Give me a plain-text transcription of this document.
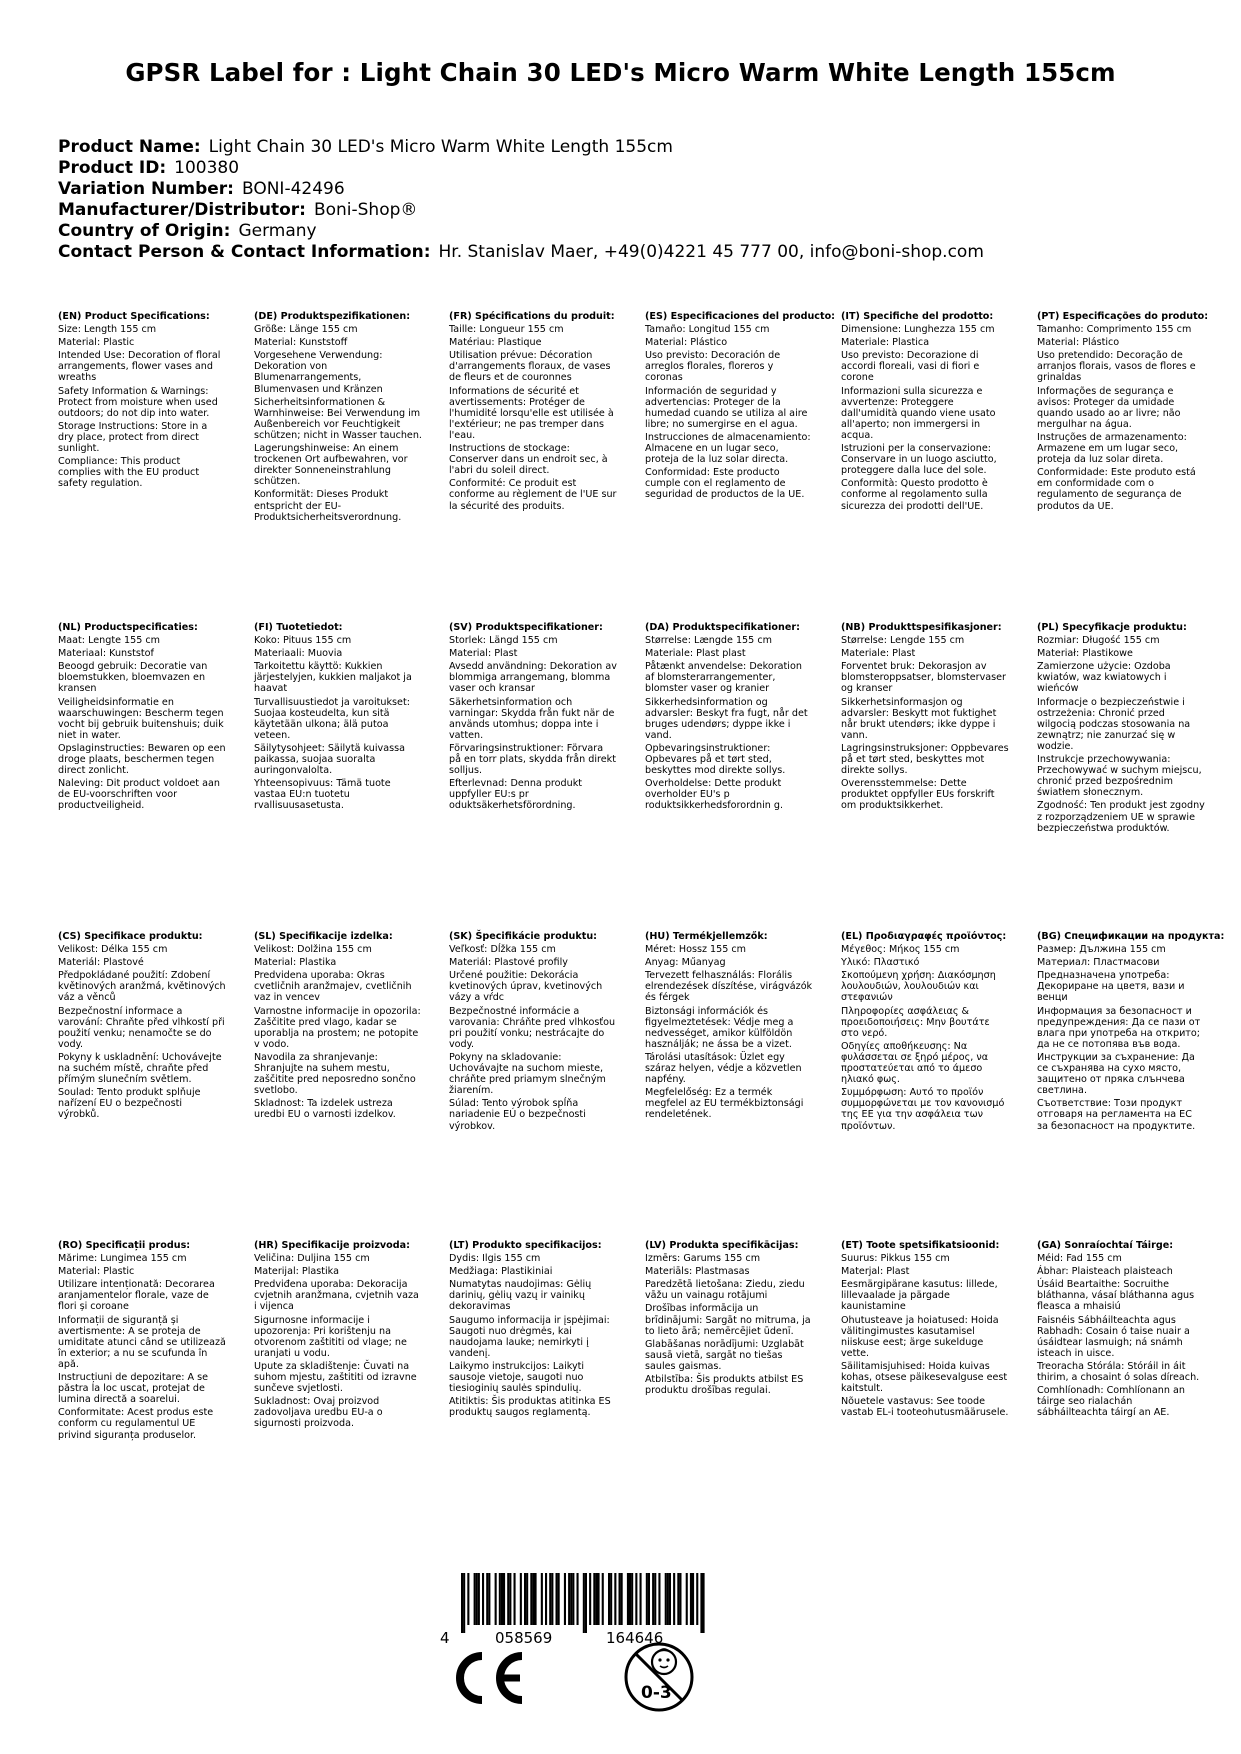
GPSR Label for : Light Chain 30 LED's Micro Warm White Length 155cm
Product Name: Light Chain 30 LED's Micro Warm White Length 155cm
Product ID: 100380
Variation Number: BONI-42496
Manufacturer/Distributor: Boni-Shop®
Country of Origin: Germany
Contact Person & Contact Information: Hr. Stanislav Maer, +49(0)4221 45 777 00, info@boni-shop.com
(EN) Product Specifications:
Size: Length 155 cm
Material: Plastic
Intended Use: Decoration of floral arrangements, flower vases and wreaths
Safety Information & Warnings: Protect from moisture when used outdoors; do not dip into water.
Storage Instructions: Store in a dry place, protect from direct sunlight.
Compliance: This product complies with the EU product safety regulation.
(DE) Produktspezifikationen:
Größe: Länge 155 cm
Material: Kunststoff
Vorgesehene Verwendung: Dekoration von Blumenarrangements, Blumenvasen und Kränzen
Sicherheitsinformationen & Warnhinweise: Bei Verwendung im Außenbereich vor Feuchtigkeit schützen; nicht in Wasser tauchen.
Lagerungshinweise: An einem trockenen Ort aufbewahren, vor direkter Sonneneinstrahlung schützen.
Konformität: Dieses Produkt entspricht der EU-Produktsicherheitsverordnung.
(FR) Spécifications du produit:
Taille: Longueur 155 cm
Matériau: Plastique
Utilisation prévue: Décoration d'arrangements floraux, de vases de fleurs et de couronnes
Informations de sécurité et avertissements: Protéger de l'humidité lorsqu'elle est utilisée à l'extérieur; ne pas tremper dans l'eau.
Instructions de stockage: Conserver dans un endroit sec, à l'abri du soleil direct.
Conformité: Ce produit est conforme au règlement de l'UE sur la sécurité des produits.
(ES) Especificaciones del producto:
Tamaño: Longitud 155 cm
Material: Plástico
Uso previsto: Decoración de arreglos florales, floreros y coronas
Información de seguridad y advertencias: Proteger de la humedad cuando se utiliza al aire libre; no sumergirse en el agua.
Instrucciones de almacenamiento: Almacene en un lugar seco, proteja de la luz solar directa.
Conformidad: Este producto cumple con el reglamento de seguridad de productos de la UE.
(IT) Specifiche del prodotto:
Dimensione: Lunghezza 155 cm
Materiale: Plastica
Uso previsto: Decorazione di accordi floreali, vasi di fiori e corone
Informazioni sulla sicurezza e avvertenze: Proteggere dall'umidità quando viene usato all'aperto; non immergersi in acqua.
Istruzioni per la conservazione: Conservare in un luogo asciutto, proteggere dalla luce del sole.
Conformità: Questo prodotto è conforme al regolamento sulla sicurezza dei prodotti dell'UE.
(PT) Especificações do produto:
Tamanho: Comprimento 155 cm
Material: Plástico
Uso pretendido: Decoração de arranjos florais, vasos de flores e grinaldas
Informações de segurança e avisos: Proteger da umidade quando usado ao ar livre; não mergulhar na água.
Instruções de armazenamento: Armazene em um lugar seco, proteja da luz solar direta.
Conformidade: Este produto está em conformidade com o regulamento de segurança de produtos da UE.
(NL) Productspecificaties:
Maat: Lengte 155 cm
Materiaal: Kunststof
Beoogd gebruik: Decoratie van bloemstukken, bloemvazen en kransen
Veiligheidsinformatie en waarschuwingen: Bescherm tegen vocht bij gebruik buitenshuis; duik niet in water.
Opslaginstructies: Bewaren op een droge plaats, beschermen tegen direct zonlicht.
Naleving: Dit product voldoet aan de EU-voorschriften voor productveiligheid.
(FI) Tuotetiedot:
Koko: Pituus 155 cm
Materiaali: Muovia
Tarkoitettu käyttö: Kukkien järjestelyjen, kukkien maljakot ja haavat
Turvallisuustiedot ja varoitukset: Suojaa kosteudelta, kun sitä käytetään ulkona; älä putoa veteen.
Säilytysohjeet: Säilytä kuivassa paikassa, suojaa suoralta auringonvalolta.
Yhteensopivuus: Tämä tuote vastaa EU:n tuotetu rvallisuusasetusta.
(SV) Produktspecifikationer:
Storlek: Längd 155 cm
Material: Plast
Avsedd användning: Dekoration av blommiga arrangemang, blomma vaser och kransar
Säkerhetsinformation och varningar: Skydda från fukt när de används utomhus; doppa inte i vatten.
Förvaringsinstruktioner: Förvara på en torr plats, skydda från direkt solljus.
Efterlevnad: Denna produkt uppfyller EU:s pr oduktsäkerhetsförordning.
(DA) Produktspecifikationer:
Størrelse: Længde 155 cm
Materiale: Plast plast
Påtænkt anvendelse: Dekoration af blomsterarrangementer, blomster vaser og kranier
Sikkerhedsinformation og advarsler: Beskyt fra fugt, når det bruges udendørs; dyppe ikke i vand.
Opbevaringsinstruktioner: Opbevares på et tørt sted, beskyttes mod direkte sollys.
Overholdelse: Dette produkt overholder EU's p roduktsikkerhedsforordnin g.
(NB) Produkttspesifikasjoner:
Størrelse: Lengde 155 cm
Materiale: Plast
Forventet bruk: Dekorasjon av blomsteroppsatser, blomstervaser og kranser
Sikkerhetsinformasjon og advarsler: Beskytt mot fuktighet når brukt utendørs; ikke dyppe i vann.
Lagringsinstruksjoner: Oppbevares på et tørt sted, beskyttes mot direkte sollys.
Overensstemmelse: Dette produktet oppfyller EUs forskrift om produktsikkerhet.
(PL) Specyfikacje produktu:
Rozmiar: Długość 155 cm
Materiał: Plastikowe
Zamierzone użycie: Ozdoba kwiatów, waz kwiatowych i wieńców
Informacje o bezpieczeństwie i ostrzeżenia: Chronić przed wilgocią podczas stosowania na zewnątrz; nie zanurzać się w wodzie.
Instrukcje przechowywania: Przechowywać w suchym miejscu, chronić przed bezpośrednim światłem słonecznym.
Zgodność: Ten produkt jest zgodny z rozporządzeniem UE w sprawie bezpieczeństwa produktów.
(CS) Specifikace produktu:
Velikost: Délka 155 cm
Materiál: Plastové
Předpokládané použití: Zdobení květinových aranžmá, květinových váz a věnců
Bezpečnostní informace a varování: Chraňte před vlhkostí při použití venku; nenamočte se do vody.
Pokyny k uskladnění: Uchovávejte na suchém místě, chraňte před přímým slunečním světlem.
Soulad: Tento produkt splňuje nařízení EU o bezpečnosti výrobků.
(SL) Specifikacije izdelka:
Velikost: Dolžina 155 cm
Material: Plastika
Predvidena uporaba: Okras cvetličnih aranžmajev, cvetličnih vaz in vencev
Varnostne informacije in opozorila: Zaščitite pred vlago, kadar se uporablja na prostem; ne potopite v vodo.
Navodila za shranjevanje: Shranjujte na suhem mestu, zaščitite pred neposredno sončno svetlobo.
Skladnost: Ta izdelek ustreza uredbi EU o varnosti izdelkov.
(SK) Špecifikácie produktu:
Veľkosť: Dĺžka 155 cm
Materiál: Plastové profily
Určené použitie: Dekorácia kvetinových úprav, kvetinových vázy a vŕdc
Bezpečnostné informácie a varovania: Chráňte pred vlhkosťou pri použití vonku; nestrácajte do vody.
Pokyny na skladovanie: Uchovávajte na suchom mieste, chráňte pred priamym slnečným žiarením.
Súlad: Tento výrobok spĺňa nariadenie EÚ o bezpečnosti výrobkov.
(HU) Termékjellemzők:
Méret: Hossz 155 cm
Anyag: Műanyag
Tervezett felhasználás: Florális elrendezések díszítése, virágvázók és férgek
Biztonsági információk és figyelmeztetések: Védje meg a nedvességet, amikor külföldön használják; ne ássa be a vizet.
Tárolási utasítások: Üzlet egy száraz helyen, védje a közvetlen napfény.
Megfelelőség: Ez a termék megfelel az EU termékbiztonsági rendeletének.
(EL) Προδιαγραφές προϊόντος:
Μέγεθος: Μήκος 155 cm
Υλικό: Πλαστικό
Σκοπούμενη χρήση: Διακόσμηση λουλουδιών, λουλουδιών και στεφανιών
Πληροφορίες ασφάλειας & προειδοποιήσεις: Μην βουτάτε στο νερό.
Οδηγίες αποθήκευσης: Να φυλάσσεται σε ξηρό μέρος, να προστατεύεται από το άμεσο ηλιακό φως.
Συμμόρφωση: Αυτό το προϊόν συμμορφώνεται με τον κανονισμό της ΕΕ για την ασφάλεια των προϊόντων.
(BG) Спецификации на продукта:
Размер: Дължина 155 cm
Материал: Пластмасови
Предназначена употреба: Декориране на цветя, вази и венци
Информация за безопасност и предупреждения: Да се пази от влага при употреба на открито; да не се потопява във вода.
Инструкции за съхранение: Да се съхранява на сухо място, защитено от пряка слънчева светлина.
Съответствие: Този продукт отговаря на регламента на ЕС за безопасност на продуктите.
(RO) Specificații produs:
Mărime: Lungimea 155 cm
Material: Plastic
Utilizare intenționată: Decorarea aranjamentelor florale, vaze de flori și coroane
Informații de siguranță și avertismente: A se proteja de umiditate atunci când se utilizează în exterior; a nu se scufunda în apă.
Instrucțiuni de depozitare: A se păstra la loc uscat, protejat de lumina directă a soarelui.
Conformitate: Acest produs este conform cu regulamentul UE privind siguranța produselor.
(HR) Specifikacije proizvoda:
Veličina: Duljina 155 cm
Materijal: Plastika
Predviđena uporaba: Dekoracija cvjetnih aranžmana, cvjetnih vaza i vijenca
Sigurnosne informacije i upozorenja: Pri korištenju na otvorenom zaštititi od vlage; ne uranjati u vodu.
Upute za skladištenje: Čuvati na suhom mjestu, zaštititi od izravne sunčeve svjetlosti.
Sukladnost: Ovaj proizvod zadovoljava uredbu EU-a o sigurnosti proizvoda.
(LT) Produkto specifikacijos:
Dydis: Ilgis 155 cm
Medžiaga: Plastikiniai
Numatytas naudojimas: Gėlių darinių, gėlių vazų ir vainikų dekoravimas
Saugumo informacija ir įspėjimai: Saugoti nuo drėgmės, kai naudojama lauke; nemirkyti į vandenį.
Laikymo instrukcijos: Laikyti sausoje vietoje, saugoti nuo tiesioginių saulės spindulių.
Atitiktis: Šis produktas atitinka ES produktų saugos reglamentą.
(LV) Produkta specifikācijas:
Izmērs: Garums 155 cm
Materiāls: Plastmasas
Paredzētā lietošana: Ziedu, ziedu vāžu un vainagu rotājumi
Drošības informācija un brīdinājumi: Sargāt no mitruma, ja to lieto ārā; nemērcējiet ūdenī.
Glabāšanas norādījumi: Uzglabāt sausā vietā, sargāt no tiešas saules gaismas.
Atbilstība: Šis produkts atbilst ES produktu drošības regulai.
(ET) Toote spetsifikatsioonid:
Suurus: Pikkus 155 cm
Materjal: Plast
Eesmärgipärane kasutus: lillede, lillevaalade ja pärgade kaunistamine
Ohutusteave ja hoiatused: Hoida välitingimustes kasutamisel niiskuse eest; ärge sukelduge vette.
Säilitamisjuhised: Hoida kuivas kohas, otsese päikesevalguse eest kaitstult.
Nõuetele vastavus: See toode vastab EL-i tooteohutusmäärusele.
(GA) Sonraíochtaí Táirge:
Méid: Fad 155 cm
Ábhar: Plaisteach plaisteach
Úsáid Beartaithe: Socruithe bláthanna, vásaí bláthanna agus fleasca a mhaisiú
Faisnéis Sábháilteachta agus Rabhadh: Cosain ó taise nuair a úsáidtear lasmuigh; ná snámh isteach in uisce.
Treoracha Stórála: Stóráil in áit thirim, a chosaint ó solas díreach.
Comhlíonadh: Comhlíonann an táirge seo rialachán sábháilteachta táirgí an AE.
4	058569	164646
CE
0-3
